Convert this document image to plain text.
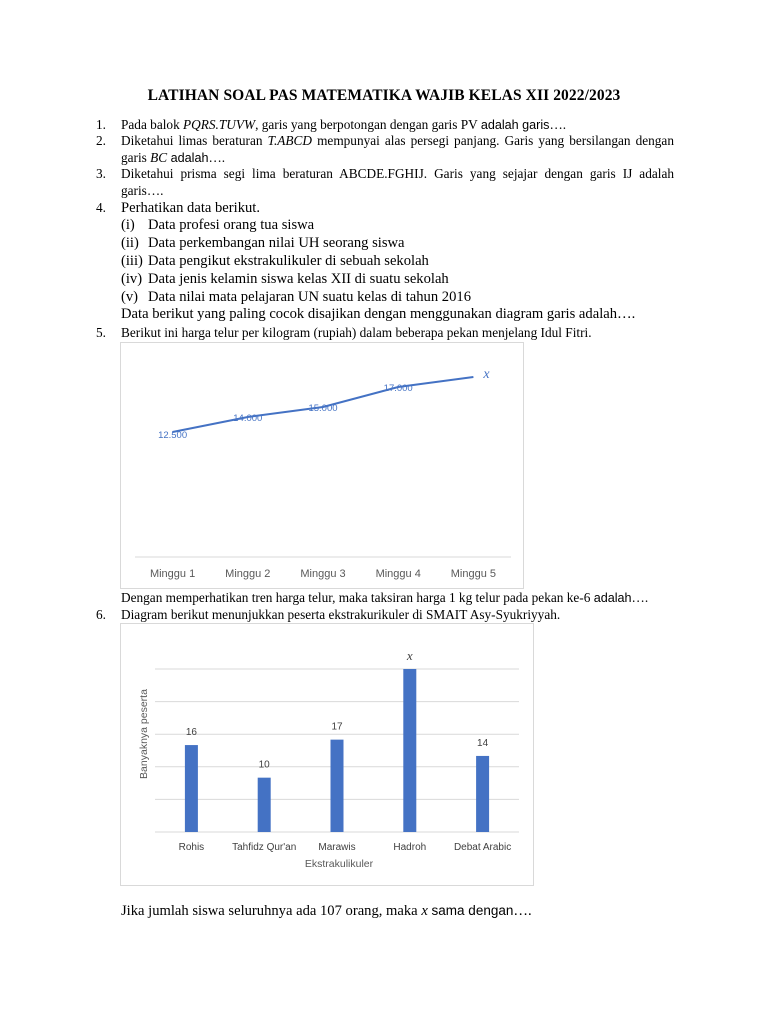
LATIHAN SOAL PAS MATEMATIKA WAJIB KELAS XII 2022/2023
1.	Pada balok PQRS.TUVW, garis yang berpotongan dengan garis PV adalah garis….
2.	Diketahui limas beraturan T.ABCD mempunyai alas persegi panjang. Garis yang bersilangan dengan garis BC adalah….
3.	Diketahui prisma segi lima beraturan ABCDE.FGHIJ. Garis yang sejajar dengan garis IJ adalah garis….
4.	Perhatikan data berikut.
(i) Data profesi orang tua siswa
(ii) Data perkembangan nilai UH seorang siswa
(iii) Data pengikut ekstrakulikuler di sebuah sekolah
(iv) Data jenis kelamin siswa kelas XII di suatu sekolah
(v) Data nilai mata pelajaran UN suatu kelas di tahun 2016
Data berikut yang paling cocok disajikan dengan menggunakan diagram garis adalah….
5.	Berikut ini harga telur per kilogram (rupiah) dalam beberapa pekan menjelang Idul Fitri.
Minggu 1	Minggu 2	Minggu 3	Minggu 4	Minggu 5
12.500
14.000
15.000
17.000
x
Dengan memperhatikan tren harga telur, maka taksiran harga 1 kg telur pada pekan ke-6 adalah….
6.	Diagram berikut menunjukkan peserta ekstrakurikuler di SMAIT Asy-Syukriyyah.
16
Rohis
10
Tahfidz Qur'an
17
Marawis
x
Hadroh
14
Debat Arabic
Ekstrakulikuler
Banyaknya peserta
Jika jumlah siswa seluruhnya ada 107 orang, maka x sama dengan….
